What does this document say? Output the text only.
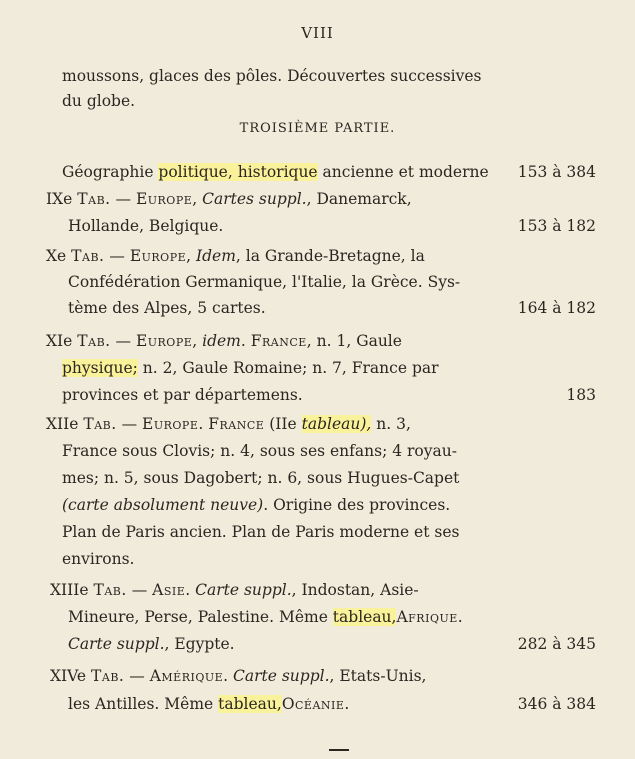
VIII
moussons, glaces des pôles. Découvertes successives
du globe.
TROISIÈME PARTIE.
Géographie politique, historique ancienne et moderne 153 à 384
IXe Tab. — Europe, Cartes suppl., Danemarck,
Hollande, Belgique.	153 à 182
Xe Tab. — Europe, Idem, la Grande-Bretagne, la
Confédération Germanique, l'Italie, la Grèce. Sys-
tème des Alpes, 5 cartes.	164 à 182
XIe Tab. — Europe, idem. France, n. 1, Gaule
physique; n. 2, Gaule Romaine; n. 7, France par
provinces et par départemens.	183
XIIe Tab. — Europe. France (IIe tableau), n. 3,
France sous Clovis; n. 4, sous ses enfans; 4 royau-
mes; n. 5, sous Dagobert; n. 6, sous Hugues-Capet
(carte absolument neuve). Origine des provinces.
Plan de Paris ancien. Plan de Paris moderne et ses
environs.
XIIIe Tab. — Asie. Carte suppl., Indostan, Asie-
Mineure, Perse, Palestine. Même tableau,Afrique.
Carte suppl., Egypte.	282 à 345
XIVe Tab. — Amérique. Carte suppl., Etats-Unis,
les Antilles. Même tableau,Océanie.	346 à 384
